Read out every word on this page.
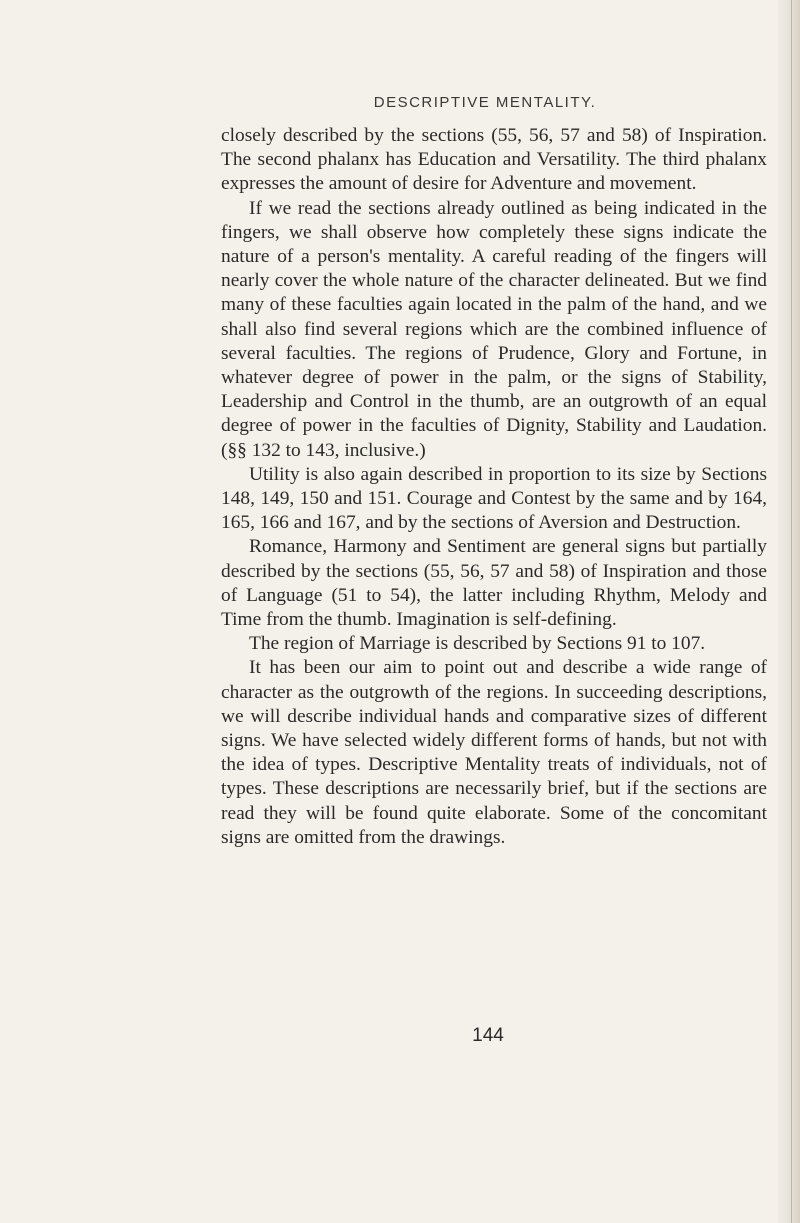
DESCRIPTIVE MENTALITY.

closely described by the sections (55, 56, 57 and 58) of Inspiration. The second phalanx has Education and Versatility. The third phalanx expresses the amount of desire for Adventure and movement.

If we read the sections already outlined as being indicated in the fingers, we shall observe how completely these signs indicate the nature of a person's mentality. A careful reading of the fingers will nearly cover the whole nature of the character delineated. But we find many of these faculties again located in the palm of the hand, and we shall also find several regions which are the combined influence of several faculties. The regions of Prudence, Glory and Fortune, in whatever degree of power in the palm, or the signs of Stability, Leadership and Control in the thumb, are an outgrowth of an equal degree of power in the faculties of Dignity, Stability and Laudation. (§§ 132 to 143, inclusive.)

Utility is also again described in proportion to its size by Sections 148, 149, 150 and 151. Courage and Contest by the same and by 164, 165, 166 and 167, and by the sections of Aversion and Destruction.

Romance, Harmony and Sentiment are general signs but partially described by the sections (55, 56, 57 and 58) of Inspiration and those of Language (51 to 54), the latter including Rhythm, Melody and Time from the thumb. Imagination is self-defining.

The region of Marriage is described by Sections 91 to 107.

It has been our aim to point out and describe a wide range of character as the outgrowth of the regions. In succeeding descriptions, we will describe individual hands and comparative sizes of different signs. We have selected widely different forms of hands, but not with the idea of types. Descriptive Mentality treats of individuals, not of types. These descriptions are necessarily brief, but if the sections are read they will be found quite elaborate. Some of the concomitant signs are omitted from the drawings.

144
